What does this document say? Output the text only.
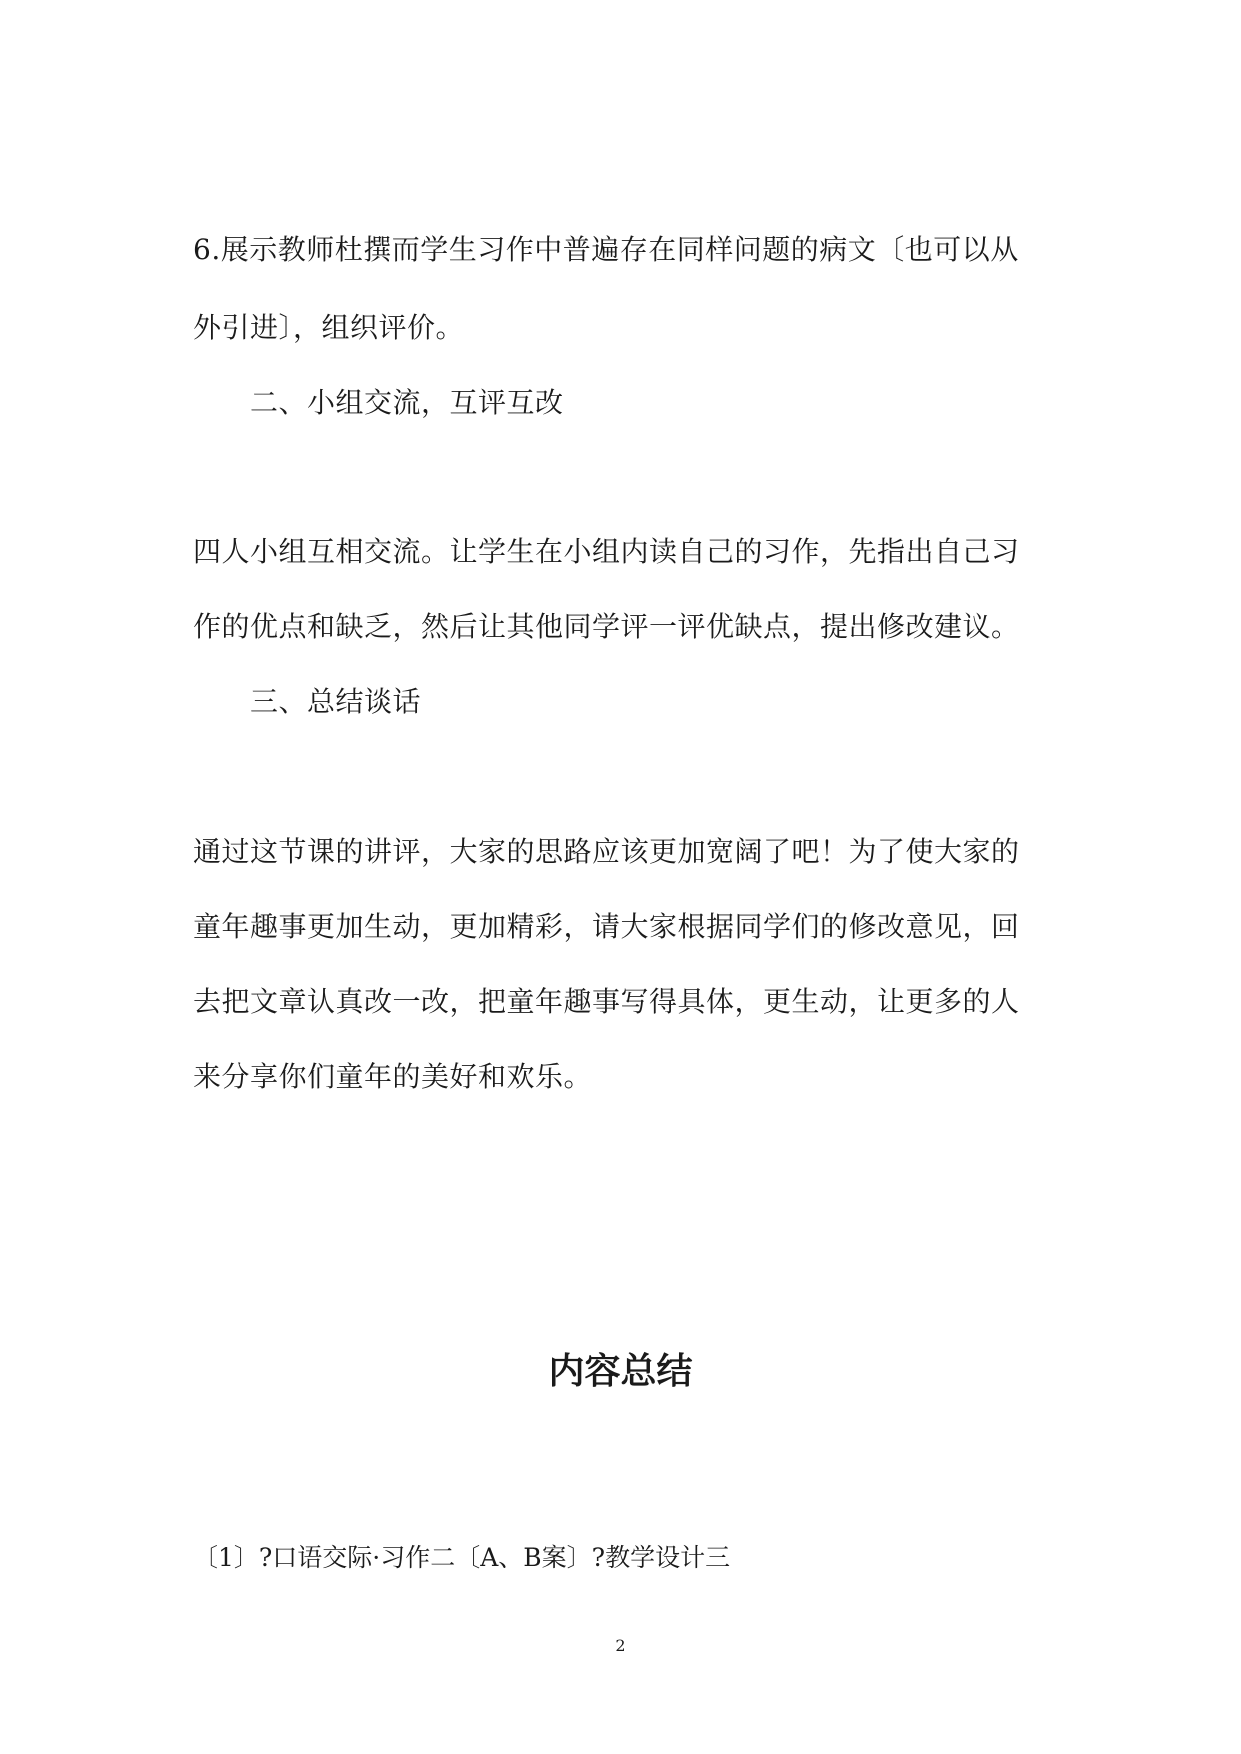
6.展示教师杜撰而学生习作中普遍存在同样问题的病文〔也可以从
外引进〕，组织评价。
二、小组交流，互评互改
四人小组互相交流。让学生在小组内读自己的习作，先指出自己习
作的优点和缺乏，然后让其他同学评一评优缺点，提出修改建议。
三、总结谈话
通过这节课的讲评，大家的思路应该更加宽阔了吧！为了使大家的
童年趣事更加生动，更加精彩，请大家根据同学们的修改意见，回
去把文章认真改一改，把童年趣事写得具体，更生动，让更多的人
来分享你们童年的美好和欢乐。
内容总结
〔1〕?口语交际·习作二〔A、B案〕?教学设计三
2
